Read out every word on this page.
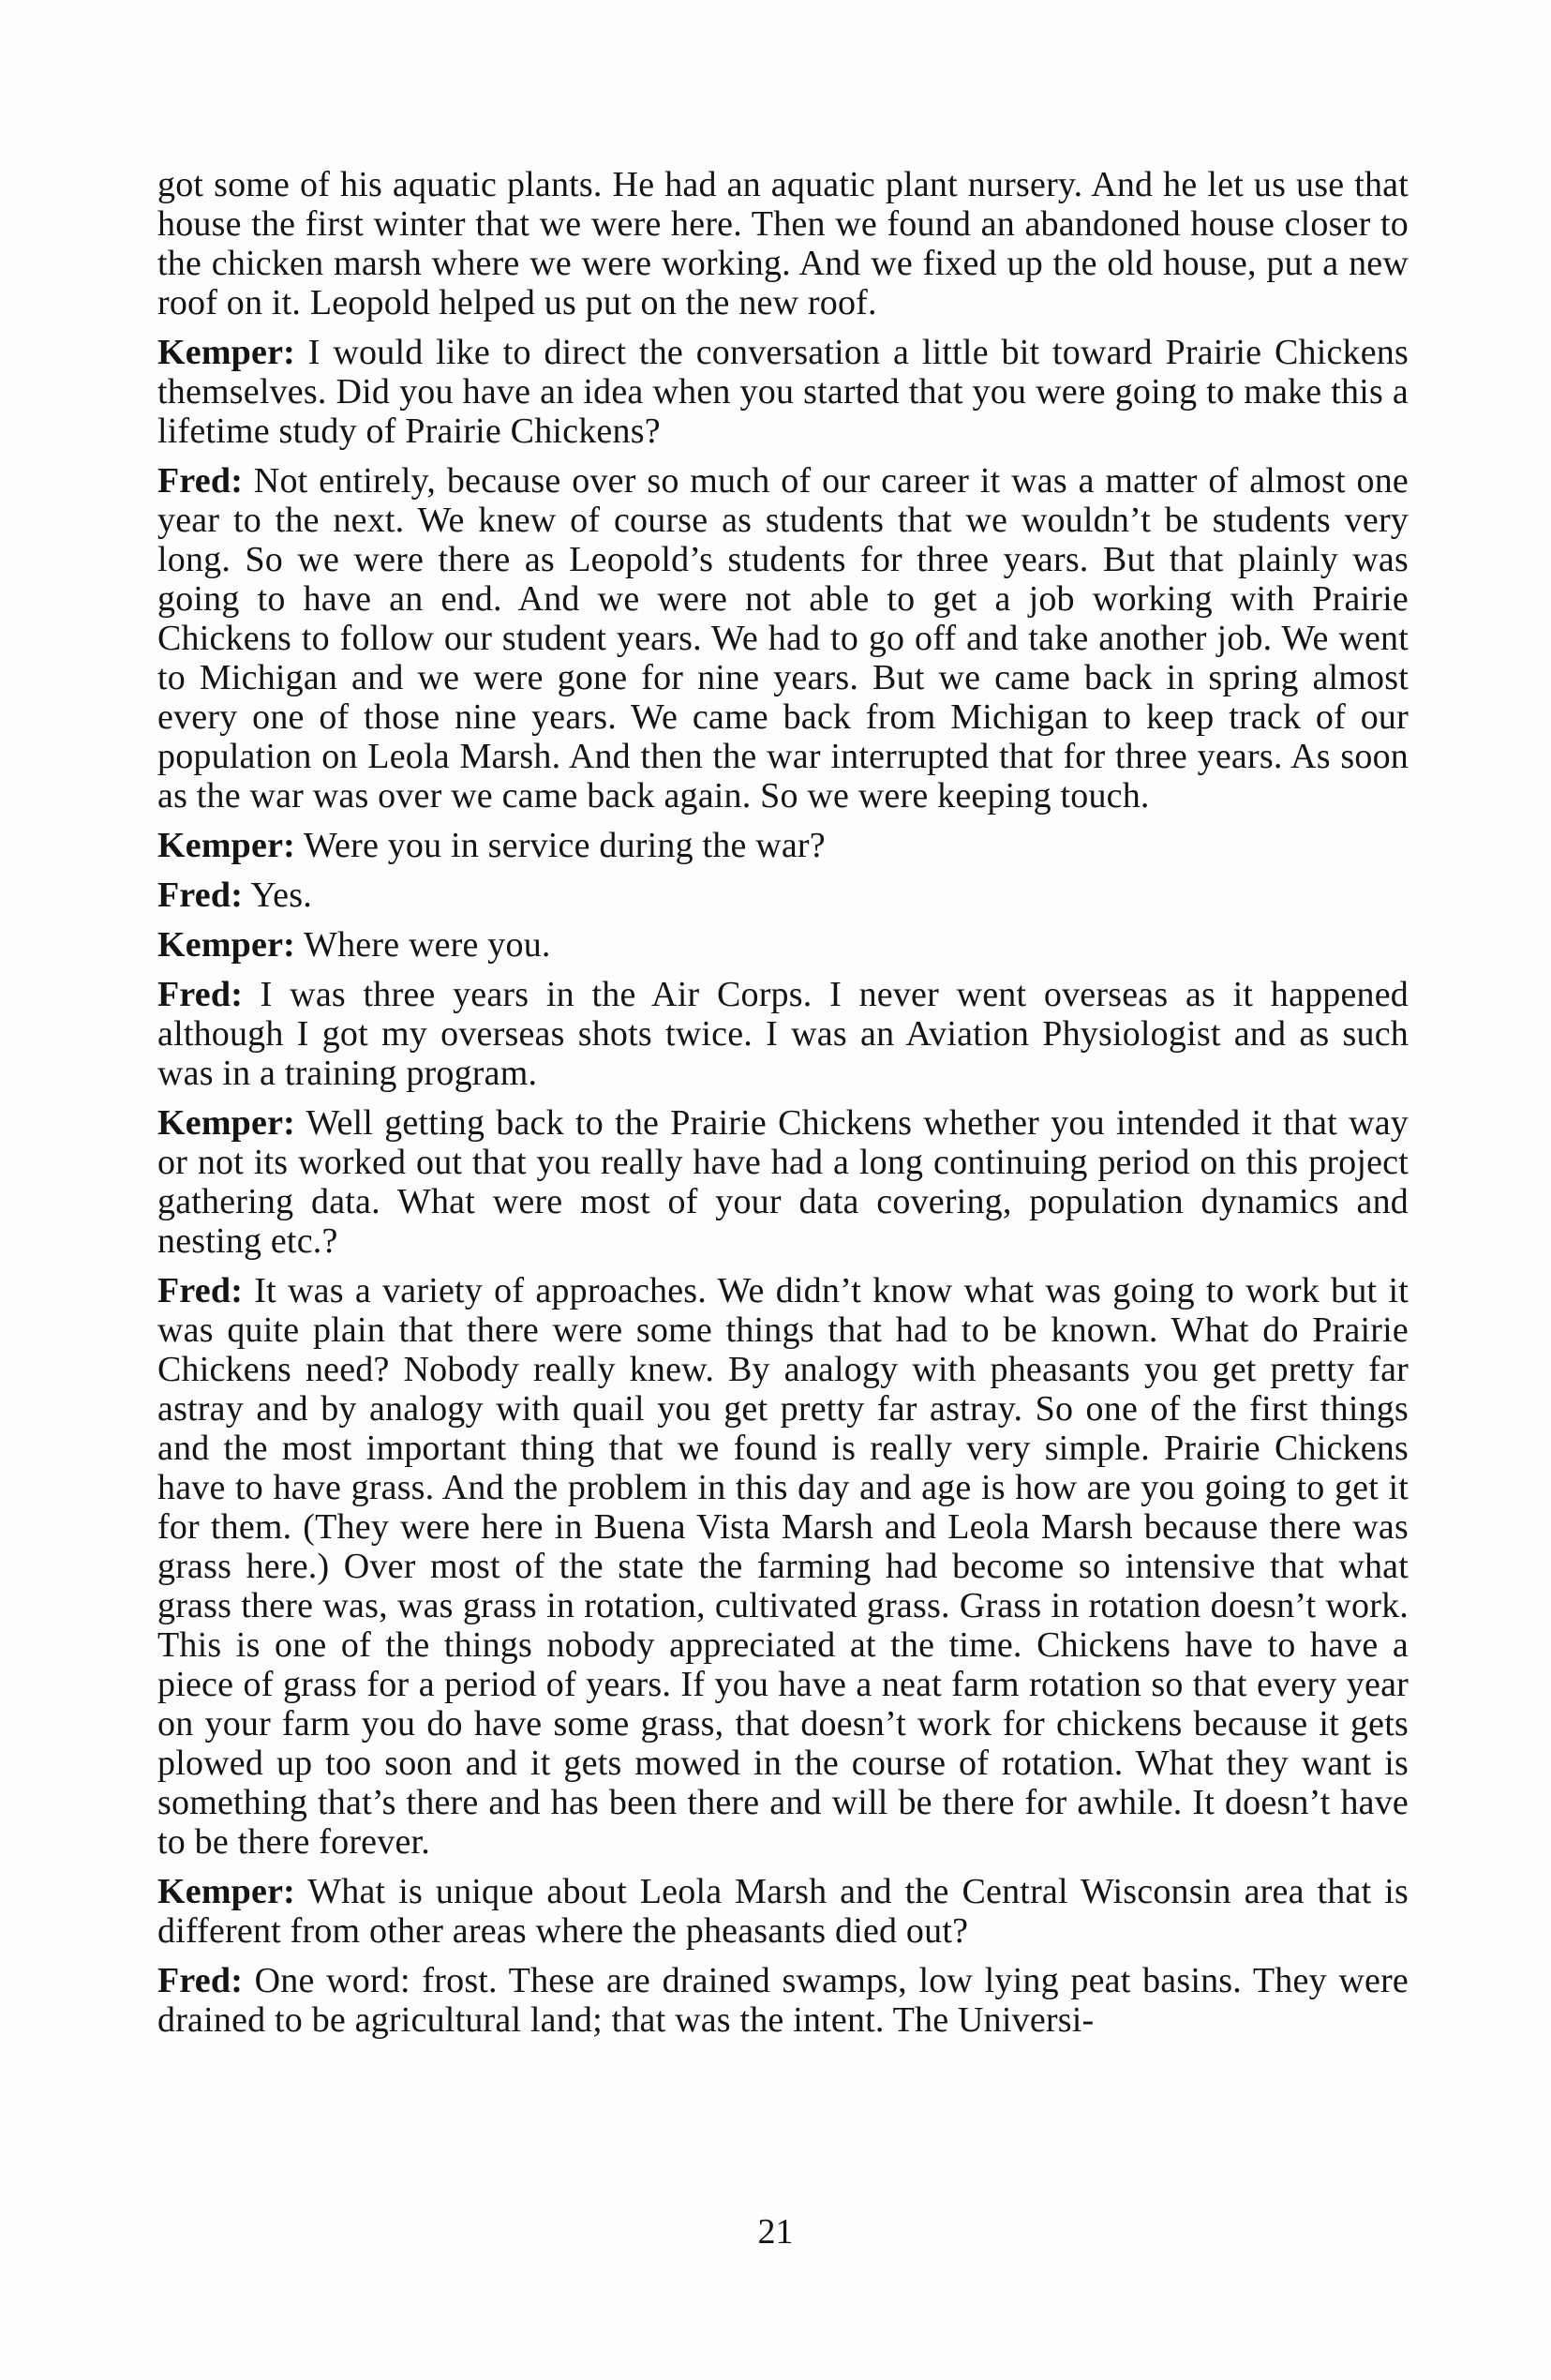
got some of his aquatic plants. He had an aquatic plant nursery. And he let us use that house the first winter that we were here. Then we found an abandoned house closer to the chicken marsh where we were working. And we fixed up the old house, put a new roof on it. Leopold helped us put on the new roof.

Kemper: I would like to direct the conversation a little bit toward Prairie Chickens themselves. Did you have an idea when you started that you were going to make this a lifetime study of Prairie Chickens?

Fred: Not entirely, because over so much of our career it was a matter of almost one year to the next. We knew of course as students that we wouldn’t be students very long. So we were there as Leopold’s students for three years. But that plainly was going to have an end. And we were not able to get a job working with Prairie Chickens to follow our student years. We had to go off and take another job. We went to Michigan and we were gone for nine years. But we came back in spring almost every one of those nine years. We came back from Michigan to keep track of our population on Leola Marsh. And then the war interrupted that for three years. As soon as the war was over we came back again. So we were keeping touch.

Kemper: Were you in service during the war?

Fred: Yes.

Kemper: Where were you.

Fred: I was three years in the Air Corps. I never went overseas as it happened although I got my overseas shots twice. I was an Aviation Physiologist and as such was in a training program.

Kemper: Well getting back to the Prairie Chickens whether you intended it that way or not its worked out that you really have had a long continuing period on this project gathering data. What were most of your data covering, population dynamics and nesting etc.?

Fred: It was a variety of approaches. We didn’t know what was going to work but it was quite plain that there were some things that had to be known. What do Prairie Chickens need? Nobody really knew. By analogy with pheasants you get pretty far astray and by analogy with quail you get pretty far astray. So one of the first things and the most important thing that we found is really very simple. Prairie Chickens have to have grass. And the problem in this day and age is how are you going to get it for them. (They were here in Buena Vista Marsh and Leola Marsh because there was grass here.) Over most of the state the farming had become so intensive that what grass there was, was grass in rotation, cultivated grass. Grass in rotation doesn’t work. This is one of the things nobody appreciated at the time. Chickens have to have a piece of grass for a period of years. If you have a neat farm rotation so that every year on your farm you do have some grass, that doesn’t work for chickens because it gets plowed up too soon and it gets mowed in the course of rotation. What they want is something that’s there and has been there and will be there for awhile. It doesn’t have to be there forever.

Kemper: What is unique about Leola Marsh and the Central Wisconsin area that is different from other areas where the pheasants died out?

Fred: One word: frost. These are drained swamps, low lying peat basins. They were drained to be agricultural land; that was the intent. The Universi-

21
